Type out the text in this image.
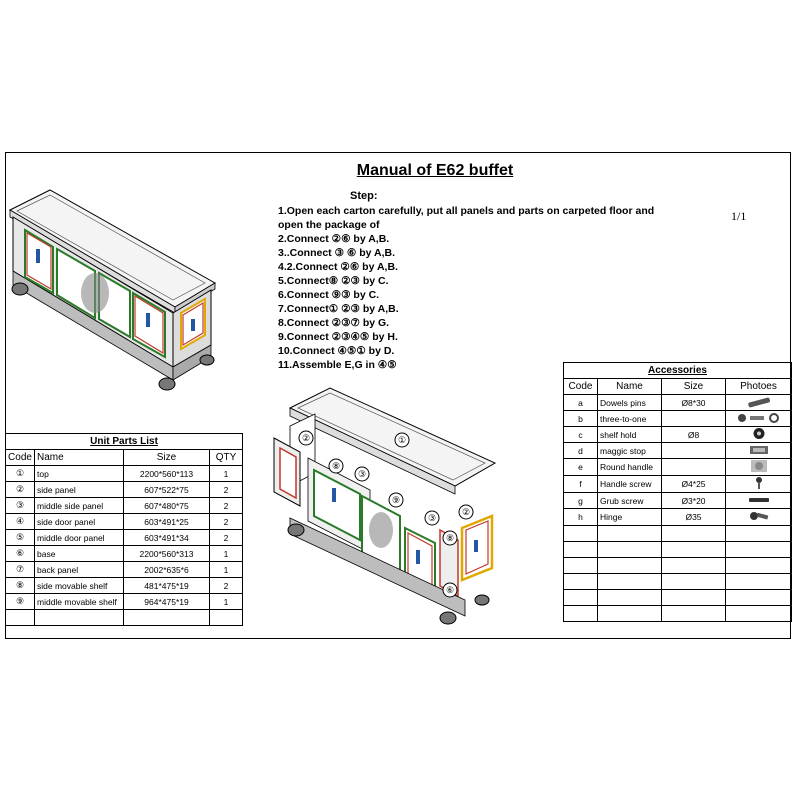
Manual of E62 buffet
1/1
Step:
1.Open each carton carefully, put all panels and parts on carpeted floor and
open the package of
2.Connect ②⑥ by A,B.
3..Connect ③ ⑥ by A,B.
4.2.Connect ②⑥ by A,B.
5.Connect⑧ ②③ by C.
6.Connect ⑨③ by C.
7.Connect① ②③ by A,B.
8.Connect ②③⑦ by G.
9.Connect ②③④⑤ by H.
10.Connect ④⑤① by D.
11.Assemble E,G in ④⑤
①
②
⑧
③
⑨
③
⑧
②
⑥
Unit Parts List			
Code	Name	Size	QTY
①	top	2200*560*113	1
②	side panel	607*522*75	2
③	middle side panel	607*480*75	2
④	side door panel	603*491*25	2
⑤	middle door panel	603*491*34	2
⑥	base	2200*560*313	1
⑦	back panel	2002*635*6	1
⑧	side movable shelf	481*475*19	2
⑨	middle movable shelf	964*475*19	1

Accessories			
Code	Name	Size	Photoes
a	Dowels pins	Ø8*30	
b	three-to-one		
c	shelf hold	Ø8	
d	maggic stop		
e	Round handle		
f	Handle screw	Ø4*25	
g	Grub screw	Ø3*20	
h	Hinge	Ø35	
